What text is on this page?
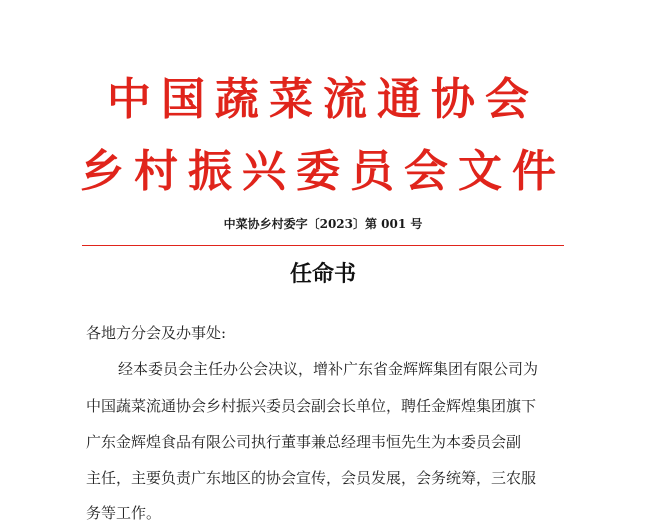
中国蔬菜流通协会
乡村振兴委员会文件
中菜协乡村委字〔2023〕第 001 号
任命书
各地方分会及办事处:
经本委员会主任办公会决议，增补广东省金辉辉集团有限公司为
中国蔬菜流通协会乡村振兴委员会副会长单位，聘任金辉煌集团旗下
广东金辉煌食品有限公司执行董事兼总经理韦恒先生为本委员会副
主任，主要负责广东地区的协会宣传，会员发展，会务统筹，三农服
务等工作。
